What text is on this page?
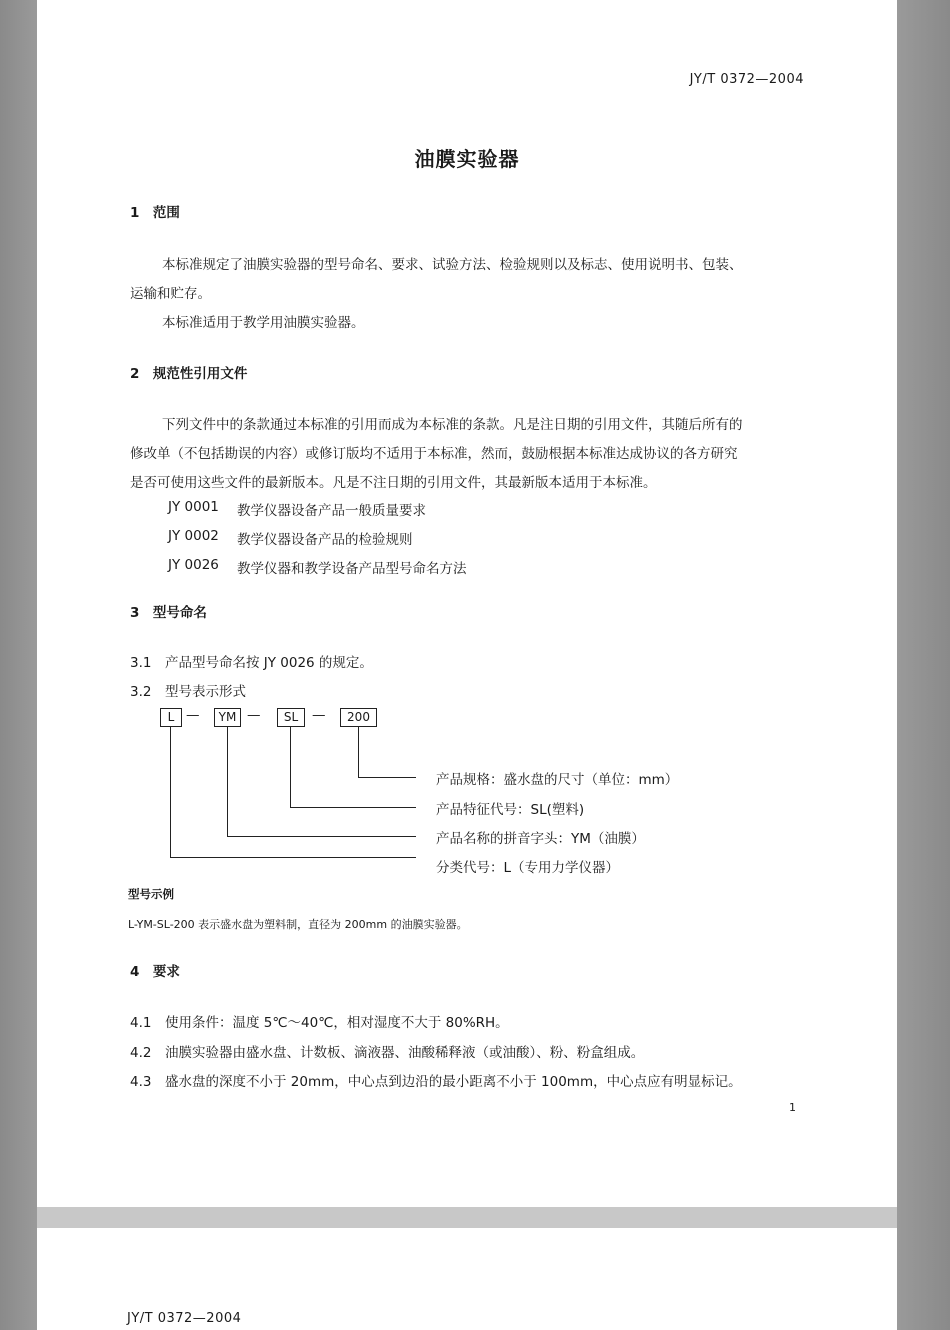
JY/T 0372—2004
油膜实验器
1　范围
本标准规定了油膜实验器的型号命名、要求、试验方法、检验规则以及标志、使用说明书、包装、
运输和贮存。
本标准适用于教学用油膜实验器。
2　规范性引用文件
下列文件中的条款通过本标准的引用而成为本标准的条款。凡是注日期的引用文件，其随后所有的
修改单（不包括勘误的内容）或修订版均不适用于本标准，然而，鼓励根据本标准达成协议的各方研究
是否可使用这些文件的最新版本。凡是不注日期的引用文件，其最新版本适用于本标准。
JY 0001 教学仪器设备产品一般质量要求
JY 0002 教学仪器设备产品的检验规则
JY 0026 教学仪器和教学设备产品型号命名方法
3　型号命名
3.1　产品型号命名按 JY 0026 的规定。
3.2　型号表示形式
L —	YM —	SL	—	200
产品规格：盛水盘的尺寸（单位：mm）
产品特征代号：SL(塑料)
产品名称的拼音字头：YM（油膜）
分类代号：L（专用力学仪器）
型号示例
L-YM-SL-200 表示盛水盘为塑料制，直径为 200mm 的油膜实验器。
4　要求
4.1　使用条件：温度 5℃～40℃，相对湿度不大于 80%RH。
4.2　油膜实验器由盛水盘、计数板、滴液器、油酸稀释液（或油酸）、粉、粉盒组成。
4.3　盛水盘的深度不小于 20mm，中心点到边沿的最小距离不小于 100mm，中心点应有明显标记。
1
JY/T 0372—2004
